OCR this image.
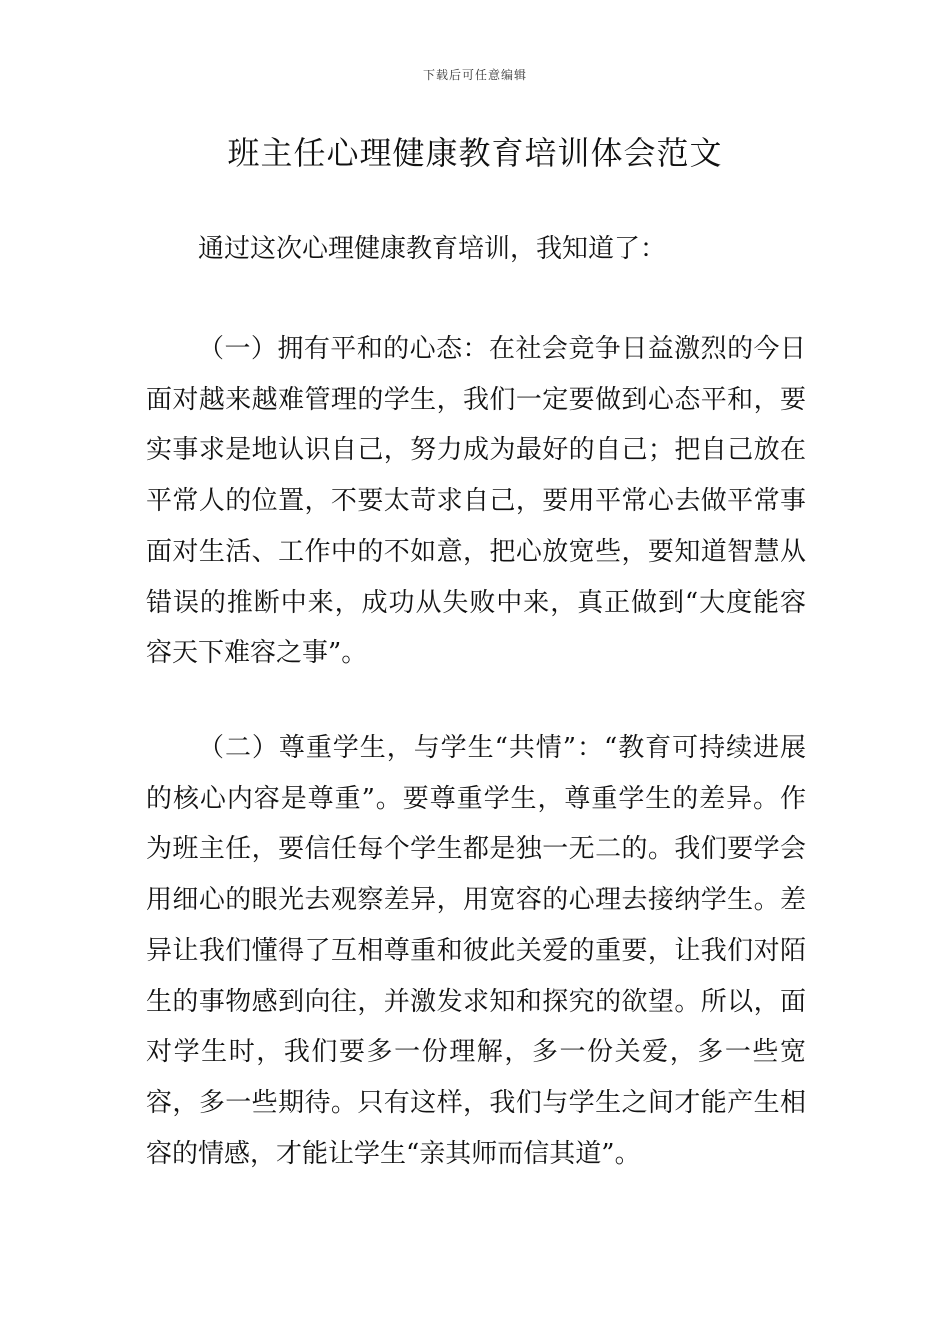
下载后可任意编辑
班主任心理健康教育培训体会范文

通过这次心理健康教育培训，我知道了：

（一）拥有平和的心态：在社会竞争日益激烈的今日面对越来越难管理的学生，我们一定要做到心态平和，要实事求是地认识自己，努力成为最好的自己；把自己放在平常人的位置，不要太苛求自己，要用平常心去做平常事面对生活、工作中的不如意，把心放宽些，要知道智慧从错误的推断中来，成功从失败中来，真正做到“大度能容容天下难容之事”。

（二）尊重学生，与学生“共情”：“教育可持续进展的核心内容是尊重”。要尊重学生，尊重学生的差异。作为班主任，要信任每个学生都是独一无二的。我们要学会用细心的眼光去观察差异，用宽容的心理去接纳学生。差异让我们懂得了互相尊重和彼此关爱的重要，让我们对陌生的事物感到向往，并激发求知和探究的欲望。所以，面对学生时，我们要多一份理解，多一份关爱，多一些宽容，多一些期待。只有这样，我们与学生之间才能产生相容的情感，才能让学生“亲其师而信其道”。
